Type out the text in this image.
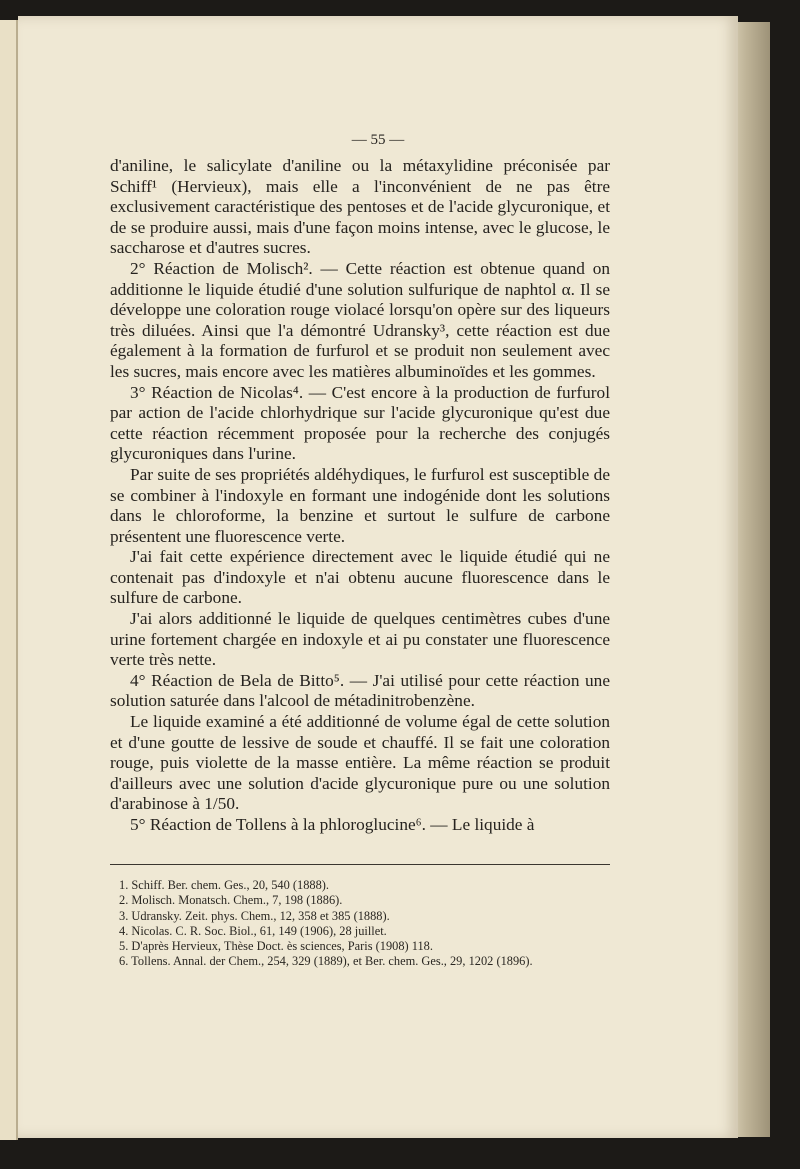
— 55 —

d'aniline, le salicylate d'aniline ou la métaxylidine préconisée par Schiff¹ (Hervieux), mais elle a l'inconvénient de ne pas être exclusivement caractéristique des pentoses et de l'acide glycuronique, et de se produire aussi, mais d'une façon moins intense, avec le glucose, le saccharose et d'autres sucres.

2° Réaction de Molisch². — Cette réaction est obtenue quand on additionne le liquide étudié d'une solution sulfurique de naphtol α. Il se développe une coloration rouge violacé lorsqu'on opère sur des liqueurs très diluées. Ainsi que l'a démontré Udransky³, cette réaction est due également à la formation de furfurol et se produit non seulement avec les sucres, mais encore avec les matières albuminoïdes et les gommes.

3° Réaction de Nicolas⁴. — C'est encore à la production de furfurol par action de l'acide chlorhydrique sur l'acide glycuronique qu'est due cette réaction récemment proposée pour la recherche des conjugés glycuroniques dans l'urine.

Par suite de ses propriétés aldéhydiques, le furfurol est susceptible de se combiner à l'indoxyle en formant une indogénide dont les solutions dans le chloroforme, la benzine et surtout le sulfure de carbone présentent une fluorescence verte.

J'ai fait cette expérience directement avec le liquide étudié qui ne contenait pas d'indoxyle et n'ai obtenu aucune fluorescence dans le sulfure de carbone.

J'ai alors additionné le liquide de quelques centimètres cubes d'une urine fortement chargée en indoxyle et ai pu constater une fluorescence verte très nette.

4° Réaction de Bela de Bitto⁵. — J'ai utilisé pour cette réaction une solution saturée dans l'alcool de métadinitrobenzène.

Le liquide examiné a été additionné de volume égal de cette solution et d'une goutte de lessive de soude et chauffé. Il se fait une coloration rouge, puis violette de la masse entière. La même réaction se produit d'ailleurs avec une solution d'acide glycuronique pure ou une solution d'arabinose à 1/50.

5° Réaction de Tollens à la phloroglucine⁶. — Le liquide à

1. Schiff. Ber. chem. Ges., 20, 540 (1888).
2. Molisch. Monatsch. Chem., 7, 198 (1886).
3. Udransky. Zeit. phys. Chem., 12, 358 et 385 (1888).
4. Nicolas. C. R. Soc. Biol., 61, 149 (1906), 28 juillet.
5. D'après Hervieux, Thèse Doct. ès sciences, Paris (1908) 118.
6. Tollens. Annal. der Chem., 254, 329 (1889), et Ber. chem. Ges., 29, 1202 (1896).
